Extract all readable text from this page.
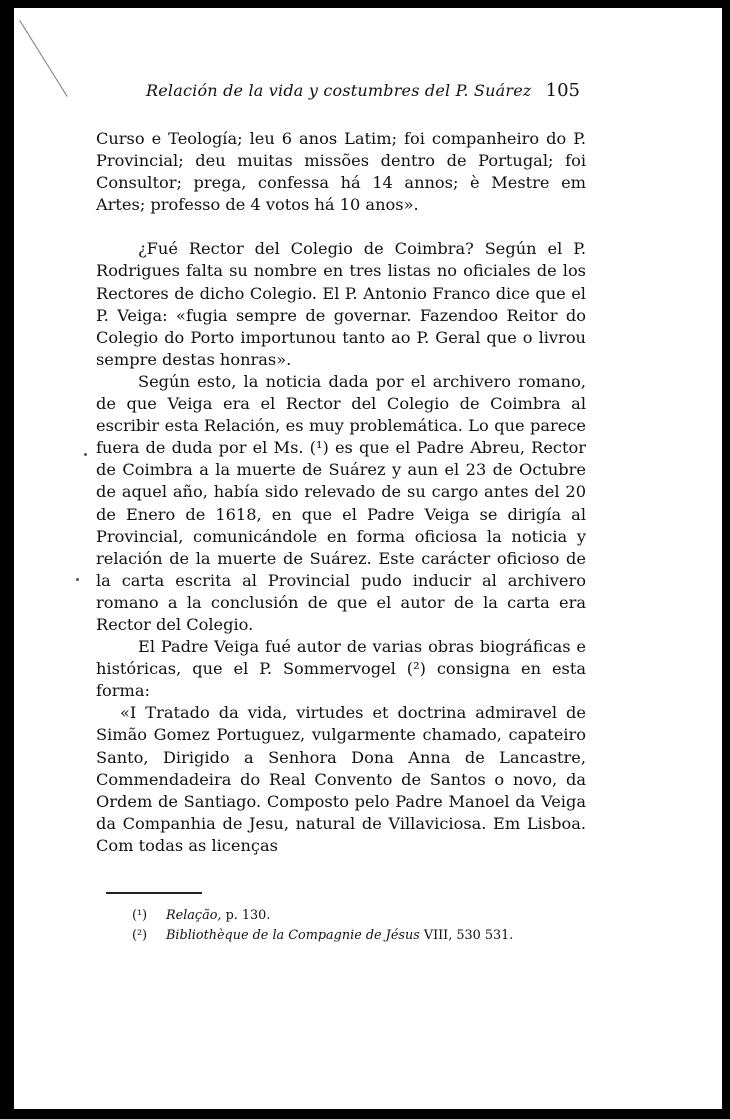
Relación de la vida y costumbres del P. Suárez 105

Curso e Teología; leu 6 anos Latim; foi companheiro do P. Provincial; deu muitas missões dentro de Portugal; foi Consultor; prega, confessa há 14 annos; è Mestre em Artes; professo de 4 votos há 10 anos».

¿Fué Rector del Colegio de Coimbra? Según el P. Rodrigues falta su nombre en tres listas no oficiales de los Rectores de dicho Colegio. El P. Antonio Franco dice que el P. Veiga: «fugia sempre de governar. Fazendoo Reitor do Colegio do Porto importunou tanto ao P. Geral que o livrou sempre destas honras».

Según esto, la noticia dada por el archivero romano, de que Veiga era el Rector del Colegio de Coimbra al escribir esta Relación, es muy problemática. Lo que parece fuera de duda por el Ms. (¹) es que el Padre Abreu, Rector de Coimbra a la muerte de Suárez y aun el 23 de Octubre de aquel año, había sido relevado de su cargo antes del 20 de Enero de 1618, en que el Padre Veiga se dirigía al Provincial, comunicándole en forma oficiosa la noticia y relación de la muerte de Suárez. Este carácter oficioso de la carta escrita al Provincial pudo inducir al archivero romano a la conclusión de que el autor de la carta era Rector del Colegio.

El Padre Veiga fué autor de varias obras biográficas e históricas, que el P. Sommervogel (²) consigna en esta forma:

«I Tratado da vida, virtudes et doctrina admiravel de Simão Gomez Portuguez, vulgarmente chamado, capateiro Santo, Dirigido a Senhora Dona Anna de Lancastre, Commendadeira do Real Convento de Santos o novo, da Ordem de Santiago. Composto pelo Padre Manoel da Veiga da Companhia de Jesu, natural de Villaviciosa. Em Lisboa. Com todas as licenças

(¹)	Relação, p. 130.
(²)	Bibliothèque de la Compagnie de Jésus VIII, 530 531.
